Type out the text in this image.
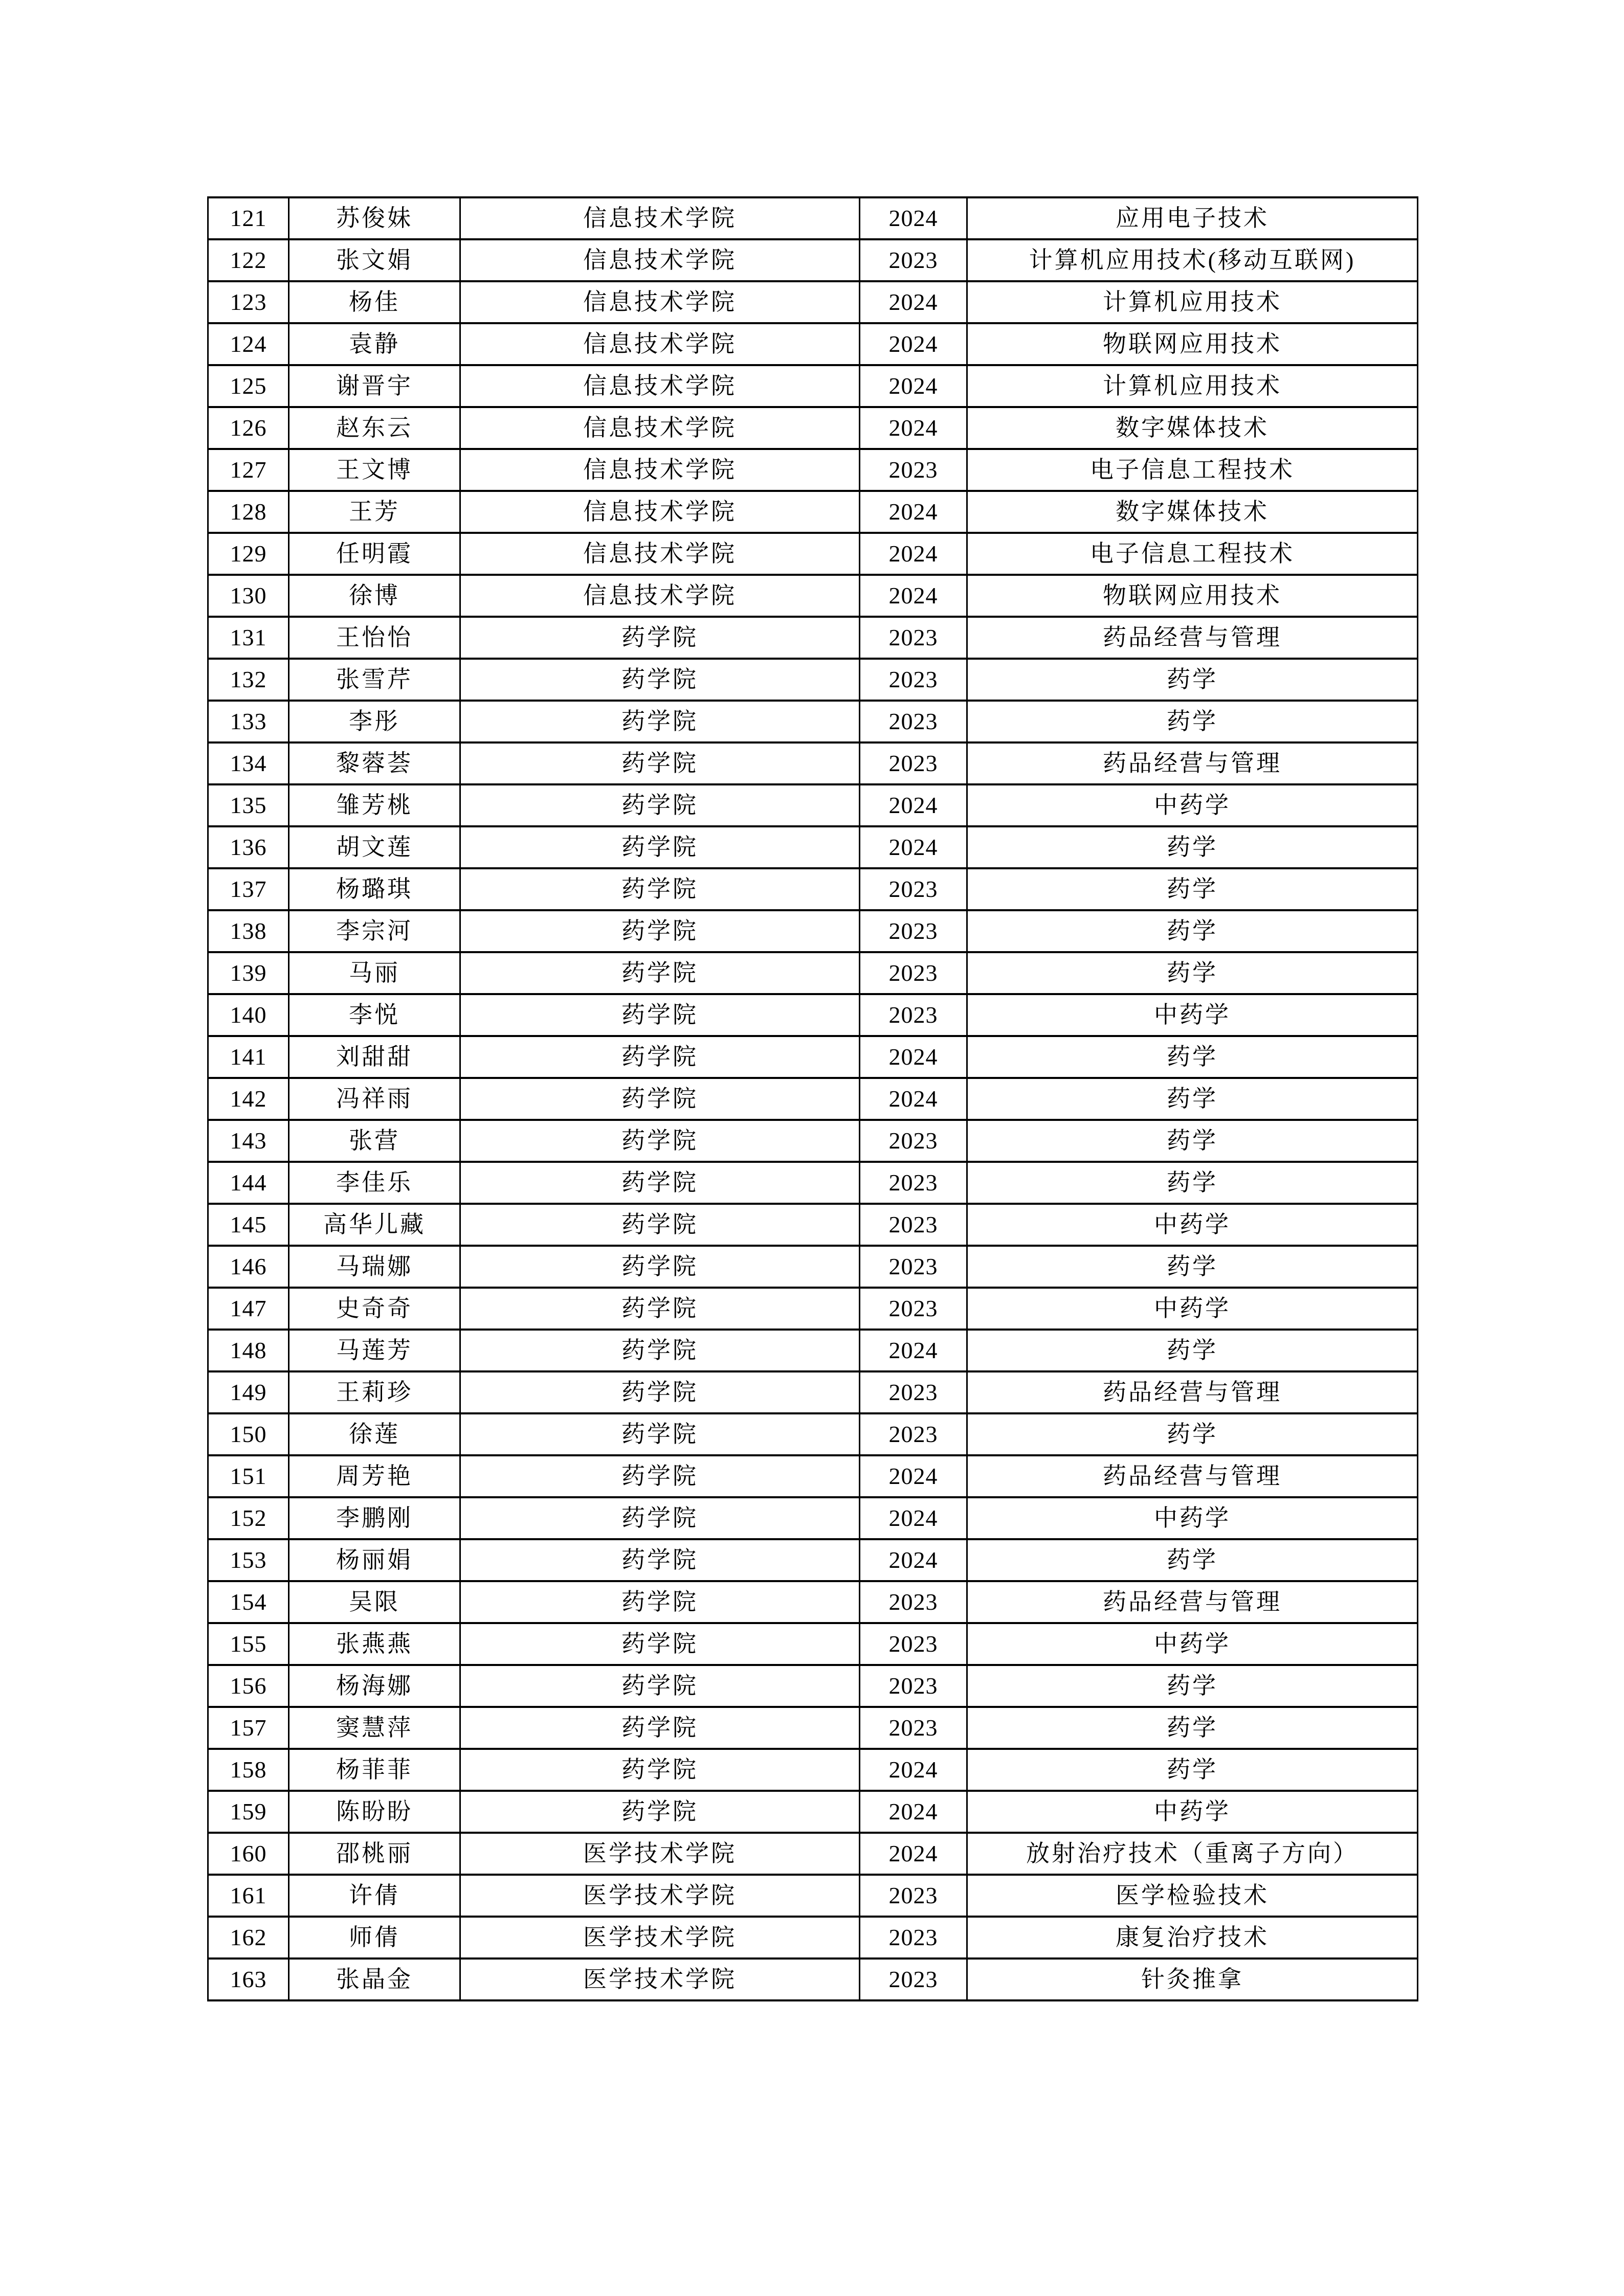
121	苏俊妹	信息技术学院	2024	应用电子技术
122	张文娟	信息技术学院	2023	计算机应用技术(移动互联网)
123	杨佳	信息技术学院	2024	计算机应用技术
124	袁静	信息技术学院	2024	物联网应用技术
125	谢晋宇	信息技术学院	2024	计算机应用技术
126	赵东云	信息技术学院	2024	数字媒体技术
127	王文博	信息技术学院	2023	电子信息工程技术
128	王芳	信息技术学院	2024	数字媒体技术
129	任明霞	信息技术学院	2024	电子信息工程技术
130	徐博	信息技术学院	2024	物联网应用技术
131	王怡怡	药学院	2023	药品经营与管理
132	张雪芹	药学院	2023	药学
133	李彤	药学院	2023	药学
134	黎蓉荟	药学院	2023	药品经营与管理
135	雏芳桃	药学院	2024	中药学
136	胡文莲	药学院	2024	药学
137	杨璐琪	药学院	2023	药学
138	李宗河	药学院	2023	药学
139	马丽	药学院	2023	药学
140	李悦	药学院	2023	中药学
141	刘甜甜	药学院	2024	药学
142	冯祥雨	药学院	2024	药学
143	张营	药学院	2023	药学
144	李佳乐	药学院	2023	药学
145	高华儿藏	药学院	2023	中药学
146	马瑞娜	药学院	2023	药学
147	史奇奇	药学院	2023	中药学
148	马莲芳	药学院	2024	药学
149	王莉珍	药学院	2023	药品经营与管理
150	徐莲	药学院	2023	药学
151	周芳艳	药学院	2024	药品经营与管理
152	李鹏刚	药学院	2024	中药学
153	杨丽娟	药学院	2024	药学
154	吴限	药学院	2023	药品经营与管理
155	张燕燕	药学院	2023	中药学
156	杨海娜	药学院	2023	药学
157	窦慧萍	药学院	2023	药学
158	杨菲菲	药学院	2024	药学
159	陈盼盼	药学院	2024	中药学
160	邵桃丽	医学技术学院	2024	放射治疗技术（重离子方向）
161	许倩	医学技术学院	2023	医学检验技术
162	师倩	医学技术学院	2023	康复治疗技术
163	张晶金	医学技术学院	2023	针灸推拿
